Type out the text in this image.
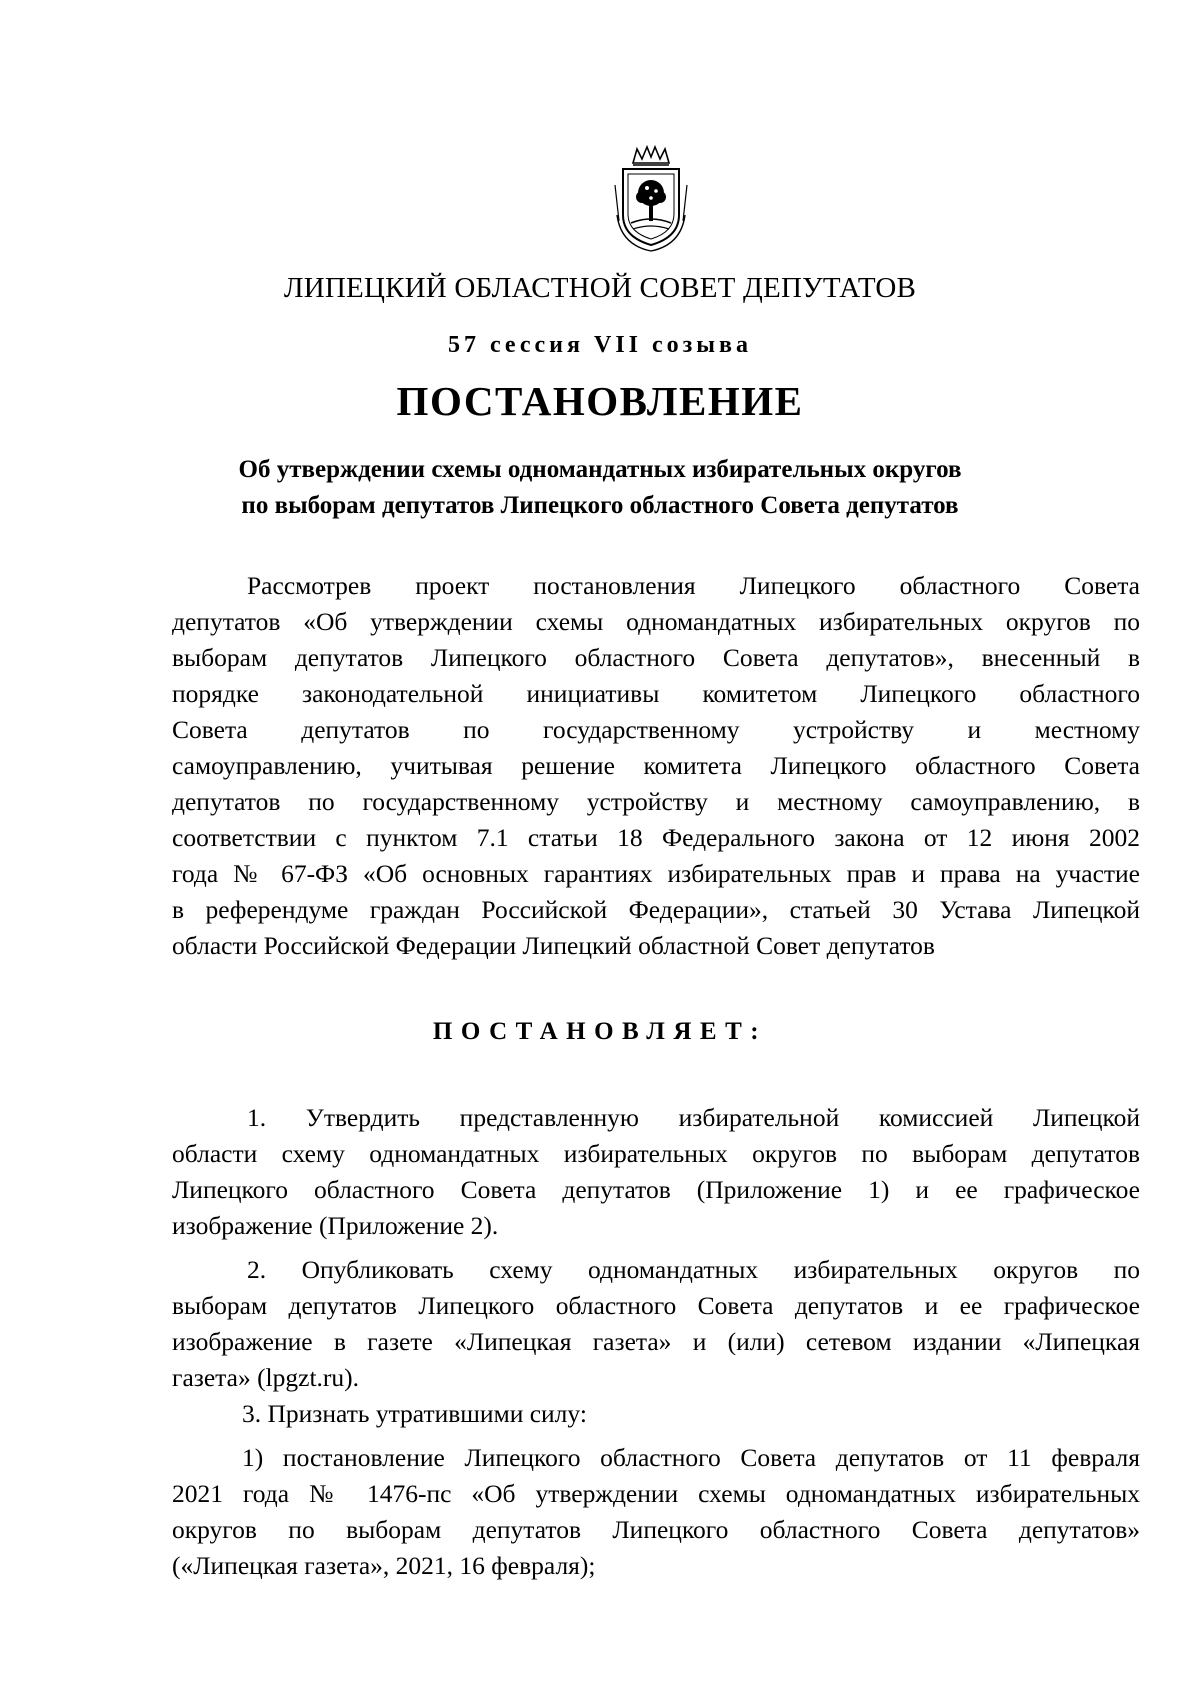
ЛИПЕЦКИЙ ОБЛАСТНОЙ СОВЕТ ДЕПУТАТОВ
57 сессия VII созыва
ПОСТАНОВЛЕНИЕ
Об утверждении схемы одномандатных избирательных округов
по выборам депутатов Липецкого областного Совета депутатов
Рассмотрев проект постановления Липецкого областного Совета
депутатов «Об утверждении схемы одномандатных избирательных округов по
выборам депутатов Липецкого областного Совета депутатов», внесенный в
порядке законодательной инициативы комитетом Липецкого областного
Совета депутатов по государственному устройству и местному
самоуправлению, учитывая решение комитета Липецкого областного Совета
депутатов по государственному устройству и местному самоуправлению, в
соответствии с пунктом 7.1 статьи 18 Федерального закона от 12 июня 2002
года № 67-ФЗ «Об основных гарантиях избирательных прав и права на участие
в референдуме граждан Российской Федерации», статьей 30 Устава Липецкой
области Российской Федерации Липецкий областной Совет депутатов
ПОСТАНОВЛЯЕТ:
1. Утвердить представленную избирательной комиссией Липецкой
области схему одномандатных избирательных округов по выборам депутатов
Липецкого областного Совета депутатов (Приложение 1) и ее графическое
изображение (Приложение 2).
2. Опубликовать схему одномандатных избирательных округов по
выборам депутатов Липецкого областного Совета депутатов и ее графическое
изображение в газете «Липецкая газета» и (или) сетевом издании «Липецкая
газета» (lpgzt.ru).
3. Признать утратившими силу:
1) постановление Липецкого областного Совета депутатов от 11 февраля
2021 года № 1476-пс «Об утверждении схемы одномандатных избирательных
округов по выборам депутатов Липецкого областного Совета депутатов»
(«Липецкая газета», 2021, 16 февраля);
